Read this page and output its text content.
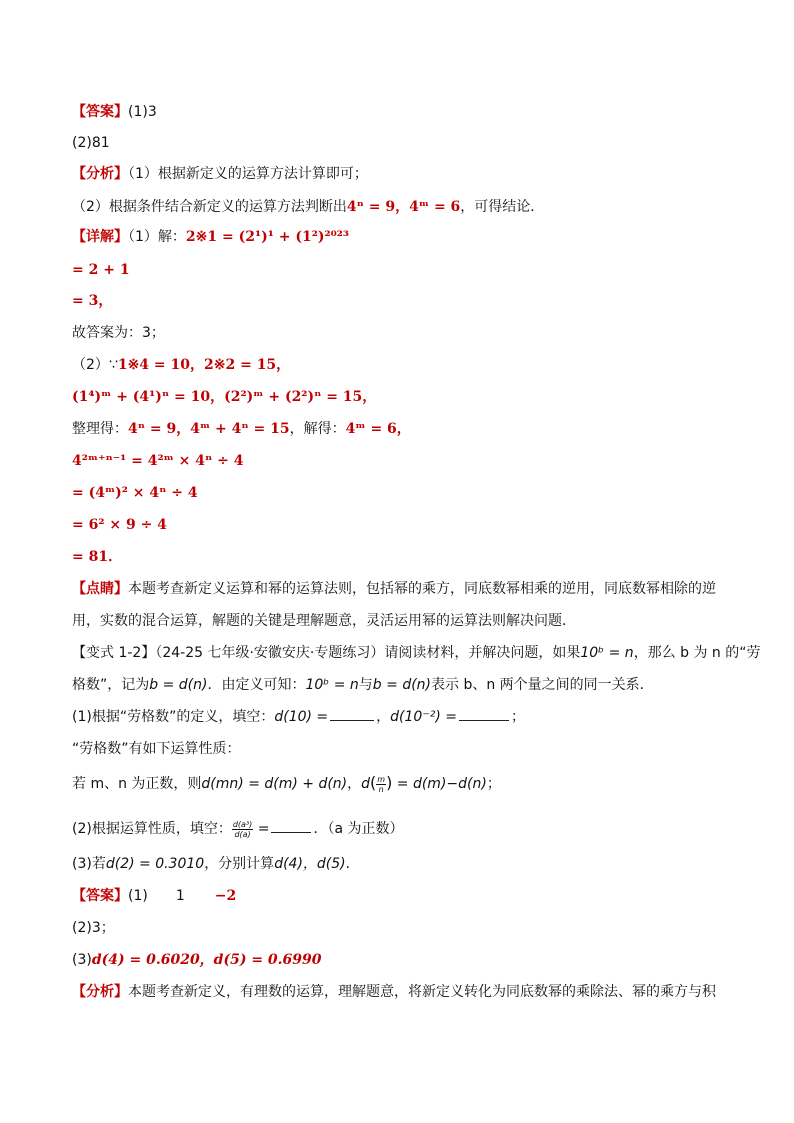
【答案】(1)3
(2)81
【分析】（1）根据新定义的运算方法计算即可；
（2）根据条件结合新定义的运算方法判断出4ⁿ = 9，4ᵐ = 6，可得结论．
【详解】（1）解：2※1 = (2¹)¹ + (1²)²⁰²³
= 2 + 1
= 3，
故答案为：3；
（2）∵1※4 = 10，2※2 = 15，
(1⁴)ᵐ + (4¹)ⁿ = 10，(2²)ᵐ + (2²)ⁿ = 15，
整理得：4ⁿ = 9，4ᵐ + 4ⁿ = 15，解得：4ᵐ = 6，
4²ᵐ⁺ⁿ⁻¹ = 4²ᵐ × 4ⁿ ÷ 4
= (4ᵐ)² × 4ⁿ ÷ 4
= 6² × 9 ÷ 4
= 81．
【点睛】本题考查新定义运算和幂的运算法则，包括幂的乘方，同底数幂相乘的逆用，同底数幂相除的逆
用，实数的混合运算，解题的关键是理解题意，灵活运用幂的运算法则解决问题．
【变式 1-2】（24-25 七年级·安徽安庆·专题练习）请阅读材料，并解决问题，如果10ᵇ = n，那么 b 为 n 的“劳
格数”，记为b = d(n)．由定义可知：10ᵇ = n与b = d(n)表示 b、n 两个量之间的同一关系．
(1)根据“劳格数”的定义，填空：d(10) =	，d(10⁻²) =	；
“劳格数”有如下运算性质：
若 m、n 为正数，则d(mn) = d(m) + d(n)，$d( \frac{m}{n}$ ) = d(m)−d(n)；
(2)根据运算性质，填空： $\frac{\text{d(a³)}}{d(a)}$ =	．（a 为正数）
(3)若d(2) = 0.3010，分别计算d(4)，d(5)．
【答案】(1) 1 −2
(2)3；
(3)d(4) = 0.6020，d(5) = 0.6990
【分析】本题考查新定义，有理数的运算，理解题意，将新定义转化为同底数幂的乘除法、幂的乘方与积
